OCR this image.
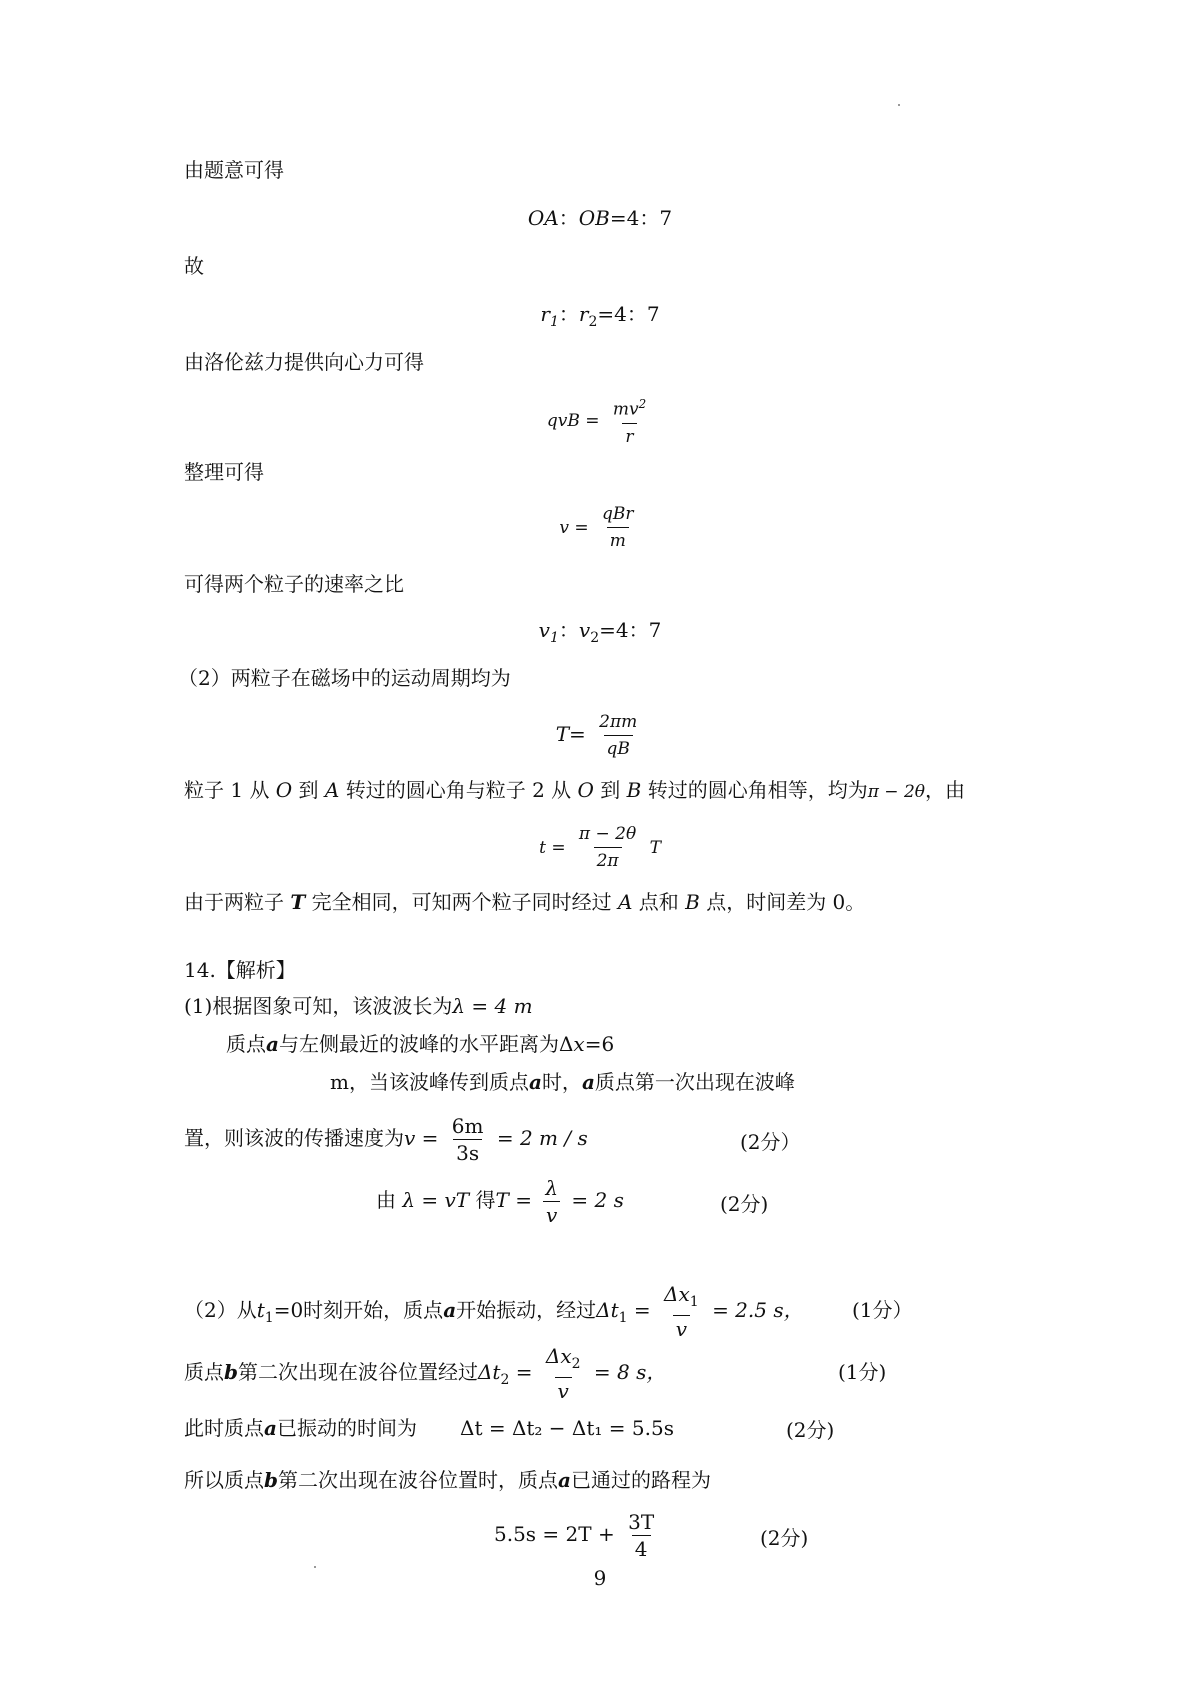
由题意可得
OA：OB=4：7
故
$r_1$：$r_2=4$：7
由洛伦兹力提供向心力可得
qvB = $\frac{mv^2}{r}$
整理可得
$v = \frac{\text{qBr}}{m}$
可得两个粒子的速率之比
$v_1$：$v_2=4$：7
（2）两粒子在磁场中的运动周期均为
$T= \frac{2\pi m}{qB}$
粒子 1 从 O 到 A 转过的圆心角与粒子 2 从 O 到 B 转过的圆心角相等，均为π − 2θ，由
$t = \frac{\pi - 2\theta}{2\pi}$ T
由于两粒子 T 完全相同，可知两个粒子同时经过 A 点和 B 点，时间差为 0。
14.【解析】
(1)根据图象可知，该波波长为λ = 4 m
质点a与左侧最近的波峰的水平距离为Δx=6
m，当该波峰传到质点a时，a质点第一次出现在波峰
置，则该波的传播速度为$v = \frac{6m}{3s} = 2$ m / s	(2分）
由 λ = vT 得$T = \frac{\lambda}{v} = 2$ s	(2分)
（2）从$t_1=0$时刻开始，质点a开始振动，经过$\Delta t_1 = \frac{\Delta x_1}{v} = 2.5$ s， (1分）
质点b第二次出现在波谷位置经过$\Delta t_2 = \frac{\Delta x_2}{v} = 8$ s，	(1分)
此时质点a已振动的时间为 Δt = Δt₂ − Δt₁ = 5.5s	(2分)
所以质点b第二次出现在波谷位置时，质点a已通过的路程为
$5.5s = 2T + \frac{3T}{4}$	(2分)
9
